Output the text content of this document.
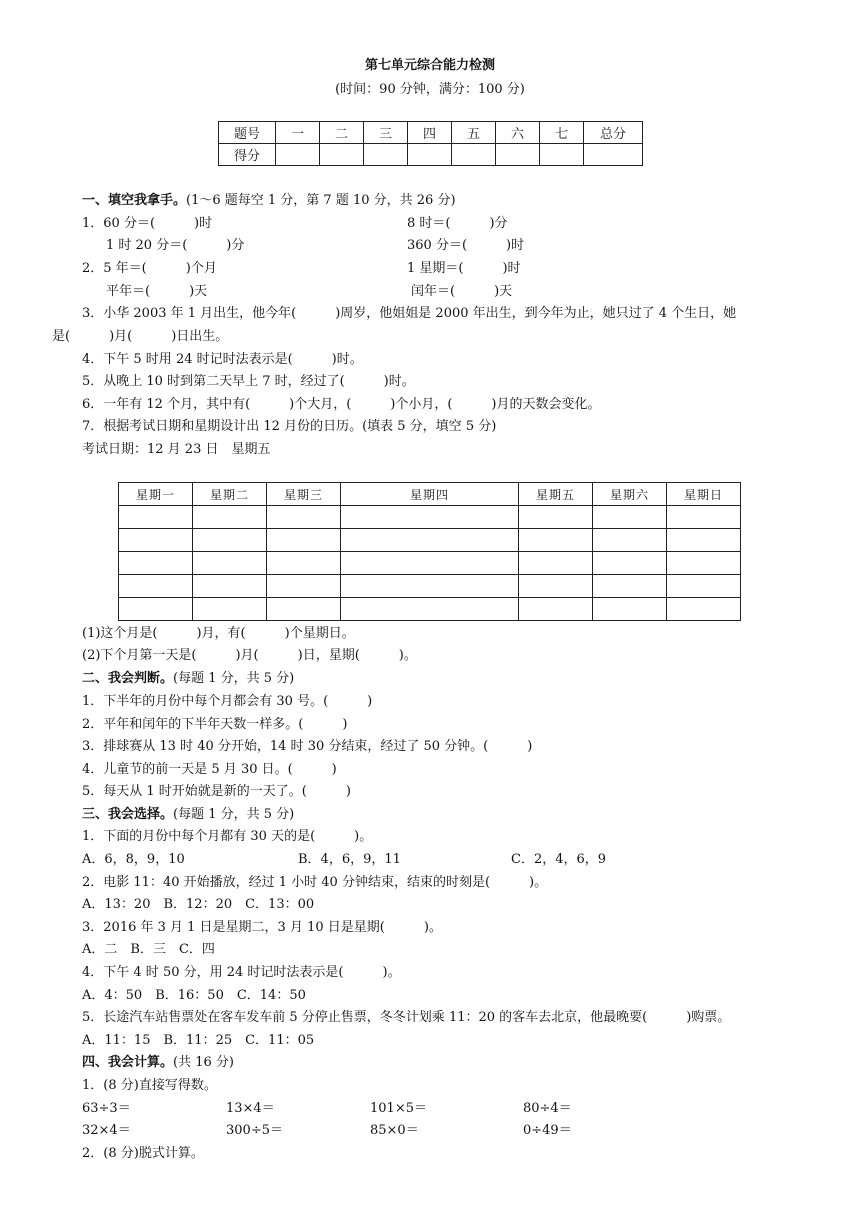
第七单元综合能力检测
(时间：90 分钟，满分：100 分)
题号	一	二	三	四	五	六	七	总分
得分								
一、填空我拿手。(1～6 题每空 1 分，第 7 题 10 分，共 26 分)
1．60 分＝(　　　)时	8 时＝(　　　)分
1 时 20 分＝(　　　)分	360 分＝(　　　)时
2．5 年＝(　　　)个月	1 星期＝(　　　)时
平年＝(　　　)天	闰年＝(　　　)天
3．小华 2003 年 1 月出生，他今年(　　　)周岁，他姐姐是 2000 年出生，到今年为止，她只过了 4 个生日，她
是(　　　)月(　　　)日出生。
4．下午 5 时用 24 时记时法表示是(　　　)时。
5．从晚上 10 时到第二天早上 7 时，经过了(　　　)时。
6．一年有 12 个月，其中有(　　　)个大月，(　　　)个小月，(　　　)月的天数会变化。
7．根据考试日期和星期设计出 12 月份的日历。(填表 5 分，填空 5 分)
考试日期：12 月 23 日　星期五
星期一	星期二	星期三	星期四	星期五	星期六	星期日

(1)这个月是(　　　)月，有(　　　)个星期日。
(2)下个月第一天是(　　　)月(　　　)日，星期(　　　)。
二、我会判断。(每题 1 分，共 5 分)
1．下半年的月份中每个月都会有 30 号。(　　　)
2．平年和闰年的下半年天数一样多。(　　　)
3．排球赛从 13 时 40 分开始，14 时 30 分结束，经过了 50 分钟。(　　　)
4．儿童节的前一天是 5 月 30 日。(　　　)
5．每天从 1 时开始就是新的一天了。(　　　)
三、我会选择。(每题 1 分，共 5 分)
1．下面的月份中每个月都有 30 天的是(　　　)。
A．6，8，9，10	B．4，6，9，11	C．2，4，6，9
2．电影 11：40 开始播放，经过 1 小时 40 分钟结束，结束的时刻是(　　　)。
A．13：20　B．12：20　C．13：00
3．2016 年 3 月 1 日是星期二，3 月 10 日是星期(　　　)。
A．二　B．三　C．四
4．下午 4 时 50 分，用 24 时记时法表示是(　　　)。
A．4：50　B．16：50　C．14：50
5．长途汽车站售票处在客车发车前 5 分停止售票，冬冬计划乘 11：20 的客车去北京，他最晚要(　　　)购票。
A．11：15　B．11：25　C．11：05
四、我会计算。(共 16 分)
1．(8 分)直接写得数。
63÷3＝	13×4＝	101×5＝	80÷4＝
32×4＝	300÷5＝	85×0＝	0÷49＝
2．(8 分)脱式计算。
